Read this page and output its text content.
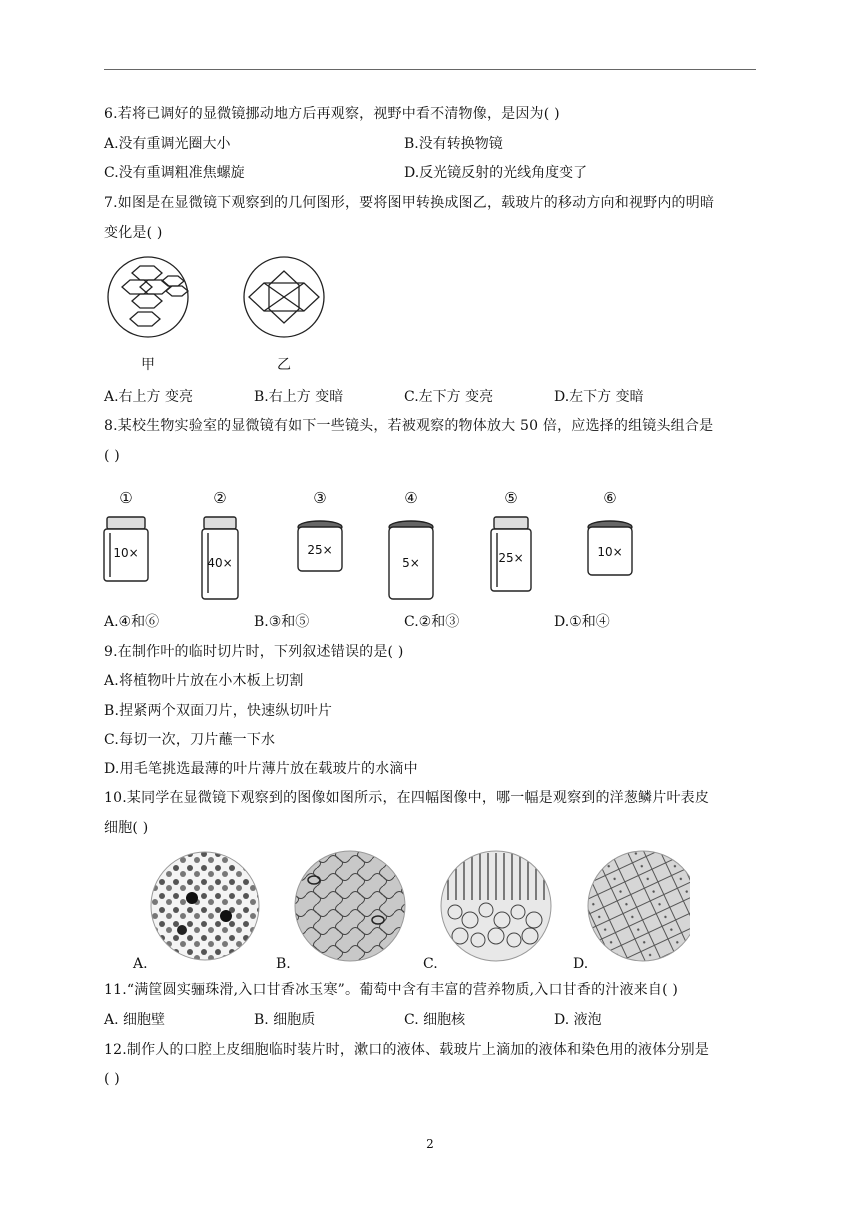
6.若将已调好的显微镜挪动地方后再观察，视野中看不清物像，是因为( )
A.没有重调光圈大小	B.没有转换物镜
C.没有重调粗准焦螺旋	D.反光镜反射的光线角度变了
7.如图是在显微镜下观察到的几何图形，要将图甲转换成图乙，载玻片的移动方向和视野内的明暗
变化是( )
甲	乙
A.右上方 变亮	B.右上方 变暗	C.左下方 变亮	D.左下方 变暗
8.某校生物实验室的显微镜有如下一些镜头，若被观察的物体放大 50 倍，应选择的组镜头组合是
( )
①	②	③	④	⑤	⑥
10×
40×
25×
5×	25×	10×
A.④和⑥	B.③和⑤	C.②和③	D.①和④
9.在制作叶的临时切片时，下列叙述错误的是( )
A.将植物叶片放在小木板上切割
B.捏紧两个双面刀片，快速纵切叶片
C.每切一次，刀片蘸一下水
D.用毛笔挑选最薄的叶片薄片放在载玻片的水滴中
10.某同学在显微镜下观察到的图像如图所示，在四幅图像中，哪一幅是观察到的洋葱鳞片叶表皮
细胞( )
A.	B.	C.	D.
11.“满筐圆实骊珠滑,入口甘香冰玉寒”。葡萄中含有丰富的营养物质,入口甘香的汁液来自( )
A. 细胞壁	B. 细胞质	C. 细胞核	D. 液泡
12.制作人的口腔上皮细胞临时装片时，漱口的液体、载玻片上滴加的液体和染色用的液体分别是
( )
2
